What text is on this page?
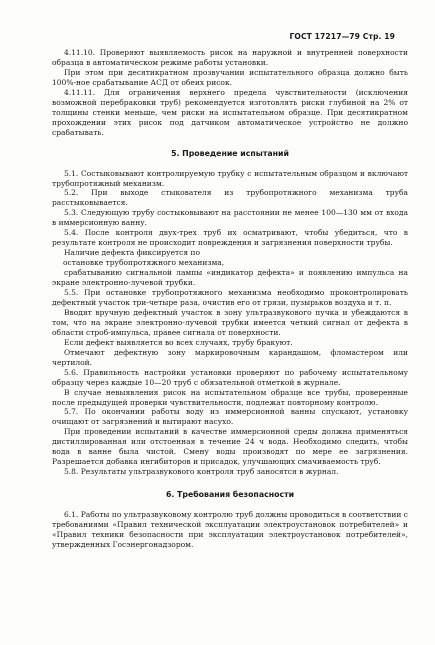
ГОСТ 17217—79 Стр. 19

4.11.10. Проверяют выявляемость рисок на наружной и внутренней поверхности образца в автоматическом режиме работы установки.

При этом при десятикратном прозвучании испытательного образца должно быть 100%-ное срабатывание АСД от обеих рисок.

4.11.11. Для ограничения верхнего предела чувствительности (исключения возможной перебраковки труб) рекомендуется изготовлять риски глубиной на 2% от толщины стенки меньше, чем риски на испытательном образце. При десятикратном прохождении этих рисок под датчиком автоматическое устройство не должно срабатывать.

5. Проведение испытаний

5.1. Состыковывают контролируемую трубку с испытательным образцом и включают трубопротяжный механизм.

5.2. При выходе стыкователя из трубопротяжного механизма труба расстыковывается.

5.3. Следующую трубу состыковывают на расстоянии не менее 100—130 мм от входа в иммерсионную ванну.

5.4. После контроля двух-трех труб их осматривают, чтобы убедиться, что в результате контроля не происходит повреждения и загрязнения поверхности трубы.

Наличие дефекта фиксируется по

остановке трубопротяжного механизма,

срабатыванию сигнальной лампы «индикатор дефекта» и появлению импульса на экране электронно-лучевой трубки.

5.5. При остановке трубопротяжного механизма необходимо проконтролировать дефектный участок три-четыре раза, очистив его от грязи, пузырьков воздуха и т. п.

Вводят вручную дефектный участок в зону ультразвукового пучка и убеждаются в том, что на экране электронно-лучевой трубки имеется четкий сигнал от дефекта в области строб-импульса, правее сигнала от поверхности.

Если дефект выявляется во всех случаях, трубу бракуют.

Отмечают дефектную зону маркировочным карандашом, фломастером или чертилой.

5.6. Правильность настройки установки проверяют по рабочему испытательному образцу через каждые 10—20 труб с обязательной отметкой в журнале.

В случае невыявления рисок на испытательном образце все трубы, проверенные после предыдущей проверки чувствительности, подлежат повторному контролю.

5.7. По окончании работы воду из иммерсионной ванны спускают, установку очищают от загрязнений и вытирают насухо.

При проведении испытаний в качестве иммерсионной среды должна применяться дистиллированная или отстоенная в течение 24 ч вода. Необходимо следить, чтобы вода в ванне была чистой. Смену воды производят по мере ее загрязнения. Разрешается добавка ингибиторов и присадок, улучшающих смачиваемость труб.

5.8. Результаты ультразвукового контроля труб заносятся в журнал.

6. Требования безопасности

6.1. Работы по ультразвуковому контролю труб должны проводиться в соответствии с требованиями «Правил технической эксплуатации электроустановок потребителей» и «Правил техники безопасности при эксплуатации электроустановок потребителей», утвержденных Госэнергонадзором.
